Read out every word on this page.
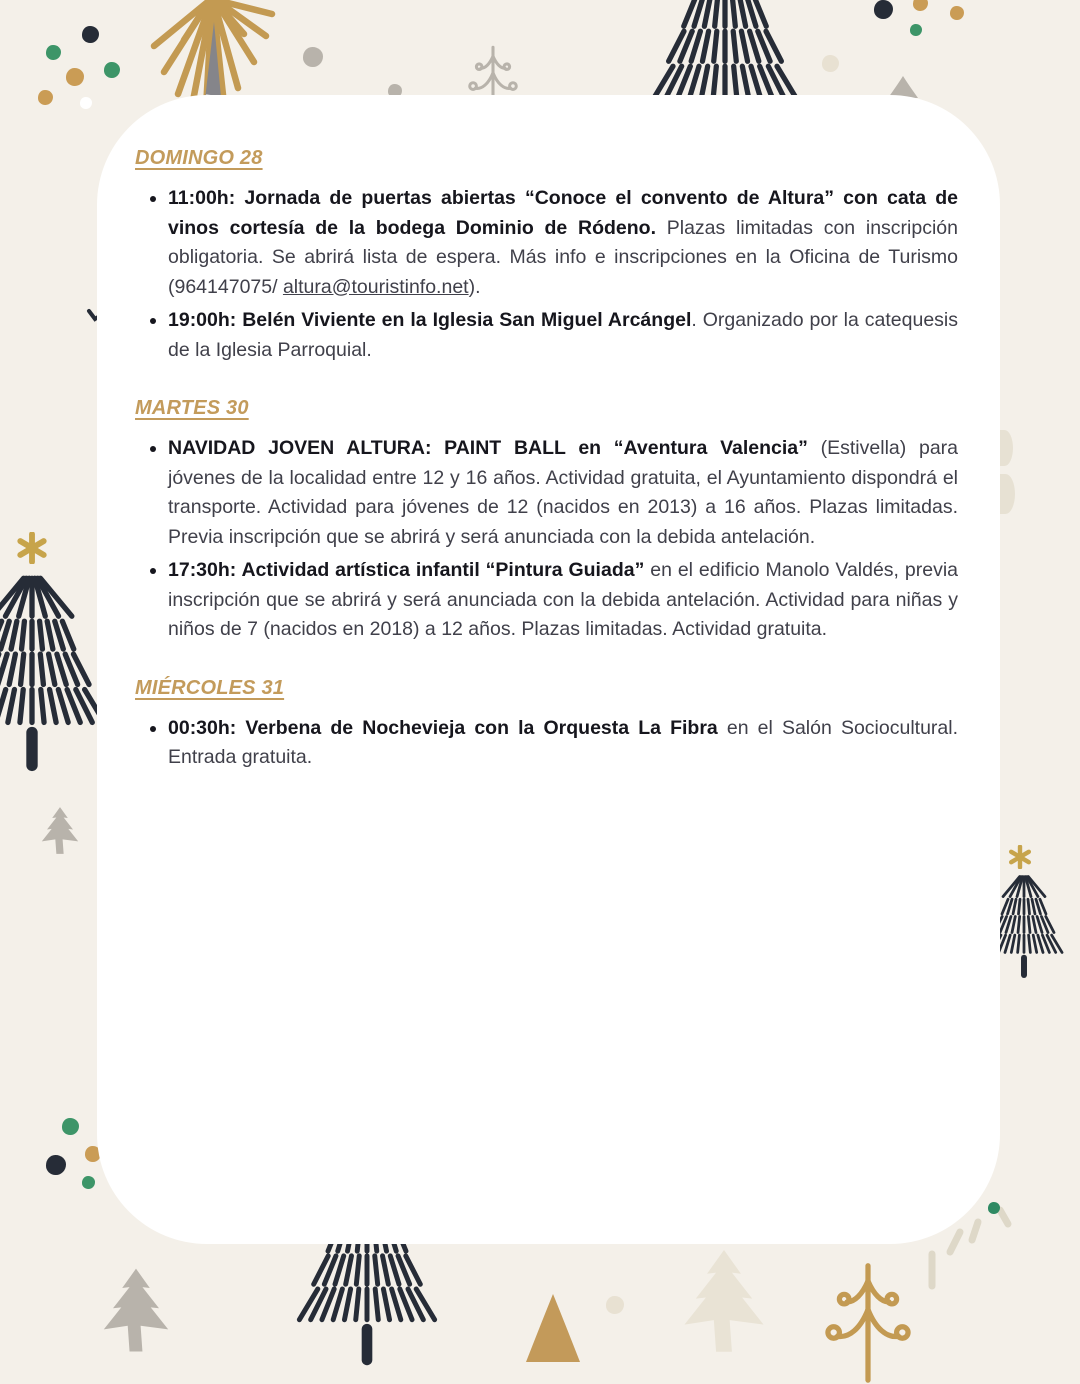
DOMINGO 28
• 11:00h: Jornada de puertas abiertas “Conoce el convento de Altura” con cata de vinos cortesía de la bodega Dominio de Ródeno. Plazas limitadas con inscripción obligatoria. Se abrirá lista de espera. Más info e inscripciones en la Oficina de Turismo (964147075/ altura@touristinfo.net).
• 19:00h: Belén Viviente en la Iglesia San Miguel Arcángel. Organizado por la catequesis de la Iglesia Parroquial.
MARTES 30
• NAVIDAD JOVEN ALTURA: PAINT BALL en “Aventura Valencia” (Estivella) para jóvenes de la localidad entre 12 y 16 años. Actividad gratuita, el Ayuntamiento dispondrá el transporte. Actividad para jóvenes de 12 (nacidos en 2013) a 16 años. Plazas limitadas. Previa inscripción que se abrirá y será anunciada con la debida antelación.
• 17:30h: Actividad artística infantil “Pintura Guiada” en el edificio Manolo Valdés, previa inscripción que se abrirá y será anunciada con la debida antelación. Actividad para niñas y niños de 7 (nacidos en 2018) a 12 años. Plazas limitadas. Actividad gratuita.
MIÉRCOLES 31
• 00:30h: Verbena de Nochevieja con la Orquesta La Fibra en el Salón Sociocultural. Entrada gratuita.
